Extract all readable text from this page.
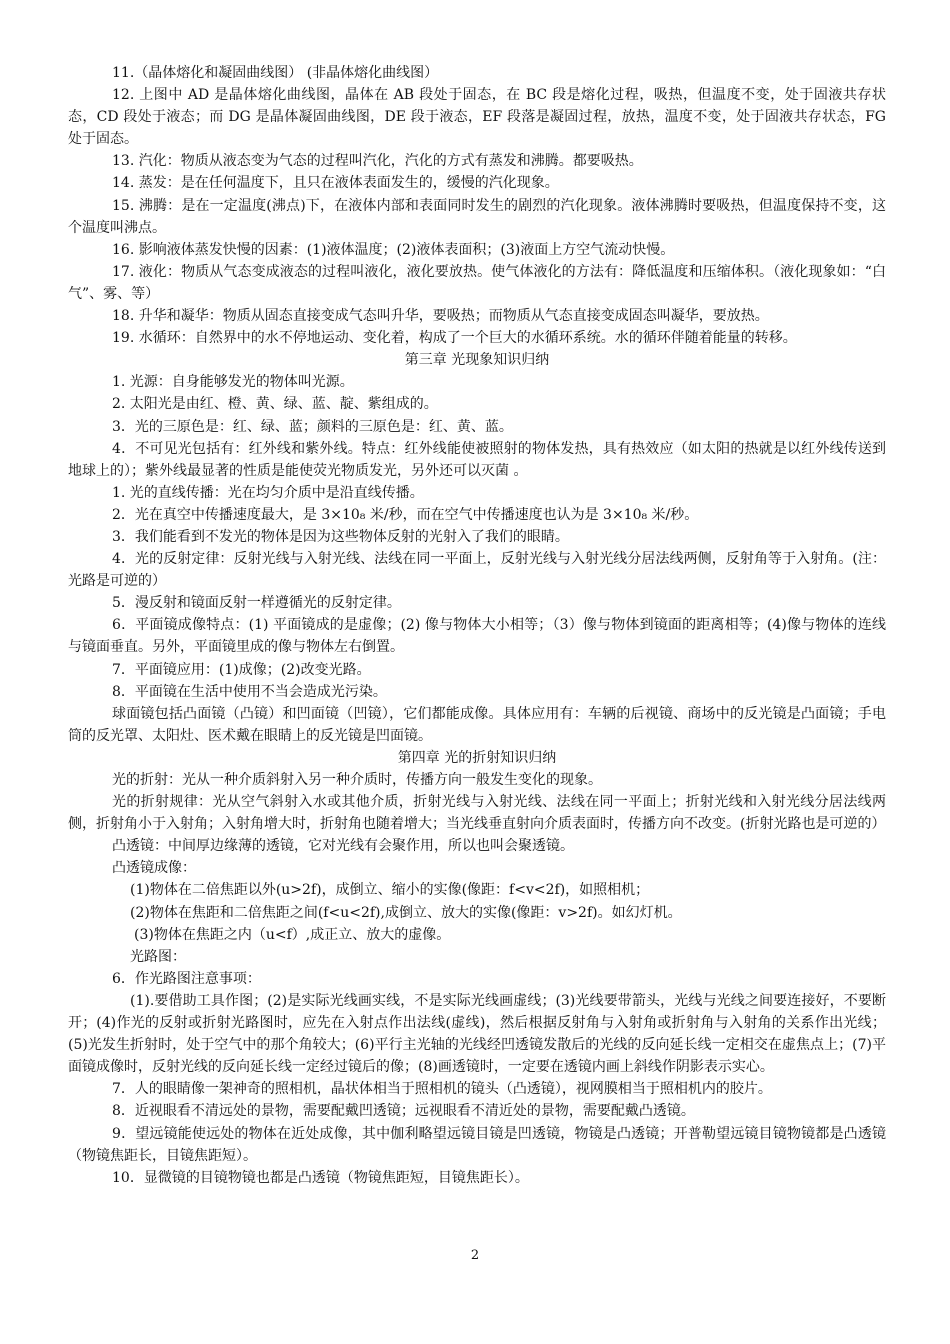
11.（晶体熔化和凝固曲线图） (非晶体熔化曲线图）

12. 上图中 AD 是晶体熔化曲线图，晶体在 AB 段处于固态，在 BC 段是熔化过程，吸热，但温度不变，处于固液共存状态，CD 段处于液态；而 DG 是晶体凝固曲线图，DE 段于液态，EF 段落是凝固过程，放热，温度不变，处于固液共存状态，FG 处于固态。

13. 汽化：物质从液态变为气态的过程叫汽化，汽化的方式有蒸发和沸腾。都要吸热。

14. 蒸发：是在任何温度下，且只在液体表面发生的，缓慢的汽化现象。

15. 沸腾：是在一定温度(沸点)下，在液体内部和表面同时发生的剧烈的汽化现象。液体沸腾时要吸热，但温度保持不变，这个温度叫沸点。

16. 影响液体蒸发快慢的因素：(1)液体温度；(2)液体表面积；(3)液面上方空气流动快慢。

17. 液化：物质从气态变成液态的过程叫液化，液化要放热。使气体液化的方法有：降低温度和压缩体积。（液化现象如：“白气”、雾、等）

18. 升华和凝华：物质从固态直接变成气态叫升华，要吸热；而物质从气态直接变成固态叫凝华，要放热。

19. 水循环：自然界中的水不停地运动、变化着，构成了一个巨大的水循环系统。水的循环伴随着能量的转移。

第三章 光现象知识归纳

1. 光源：自身能够发光的物体叫光源。

2. 太阳光是由红、橙、黄、绿、蓝、靛、紫组成的。

3．光的三原色是：红、绿、蓝；颜料的三原色是：红、黄、蓝。

4．不可见光包括有：红外线和紫外线。特点：红外线能使被照射的物体发热，具有热效应（如太阳的热就是以红外线传送到地球上的）；紫外线最显著的性质是能使荧光物质发光，另外还可以灭菌 。

1. 光的直线传播：光在均匀介质中是沿直线传播。

2．光在真空中传播速度最大，是 3×10₈ 米/秒，而在空气中传播速度也认为是 3×10₈ 米/秒。

3．我们能看到不发光的物体是因为这些物体反射的光射入了我们的眼睛。

4．光的反射定律：反射光线与入射光线、法线在同一平面上，反射光线与入射光线分居法线两侧，反射角等于入射角。(注：光路是可逆的）

5．漫反射和镜面反射一样遵循光的反射定律。

6．平面镜成像特点：(1) 平面镜成的是虚像；(2) 像与物体大小相等；（3）像与物体到镜面的距离相等；(4)像与物体的连线与镜面垂直。另外，平面镜里成的像与物体左右倒置。

7．平面镜应用：(1)成像；(2)改变光路。

8．平面镜在生活中使用不当会造成光污染。

球面镜包括凸面镜（凸镜）和凹面镜（凹镜），它们都能成像。具体应用有：车辆的后视镜、商场中的反光镜是凸面镜；手电筒的反光罩、太阳灶、医术戴在眼睛上的反光镜是凹面镜。

第四章 光的折射知识归纳

光的折射：光从一种介质斜射入另一种介质时，传播方向一般发生变化的现象。

光的折射规律：光从空气斜射入水或其他介质，折射光线与入射光线、法线在同一平面上；折射光线和入射光线分居法线两侧，折射角小于入射角；入射角增大时，折射角也随着增大；当光线垂直射向介质表面时，传播方向不改变。(折射光路也是可逆的）

凸透镜：中间厚边缘薄的透镜，它对光线有会聚作用，所以也叫会聚透镜。

凸透镜成像：

(1)物体在二倍焦距以外(u>2f)，成倒立、缩小的实像(像距：f<v<2f)，如照相机；

(2)物体在焦距和二倍焦距之间(f<u<2f),成倒立、放大的实像(像距：v>2f)。如幻灯机。

(3)物体在焦距之内（u<f）,成正立、放大的虚像。

光路图：

6．作光路图注意事项：

(1).要借助工具作图；(2)是实际光线画实线，不是实际光线画虚线；(3)光线要带箭头，光线与光线之间要连接好，不要断开；(4)作光的反射或折射光路图时，应先在入射点作出法线(虚线)，然后根据反射角与入射角或折射角与入射角的关系作出光线；(5)光发生折射时，处于空气中的那个角较大；(6)平行主光轴的光线经凹透镜发散后的光线的反向延长线一定相交在虚焦点上；(7)平面镜成像时，反射光线的反向延长线一定经过镜后的像；(8)画透镜时，一定要在透镜内画上斜线作阴影表示实心。

7．人的眼睛像一架神奇的照相机，晶状体相当于照相机的镜头（凸透镜），视网膜相当于照相机内的胶片。

8．近视眼看不清远处的景物，需要配戴凹透镜；远视眼看不清近处的景物，需要配戴凸透镜。

9．望远镜能使远处的物体在近处成像，其中伽利略望远镜目镜是凹透镜，物镜是凸透镜；开普勒望远镜目镜物镜都是凸透镜（物镜焦距长，目镜焦距短）。

10．显微镜的目镜物镜也都是凸透镜（物镜焦距短，目镜焦距长）。

2
